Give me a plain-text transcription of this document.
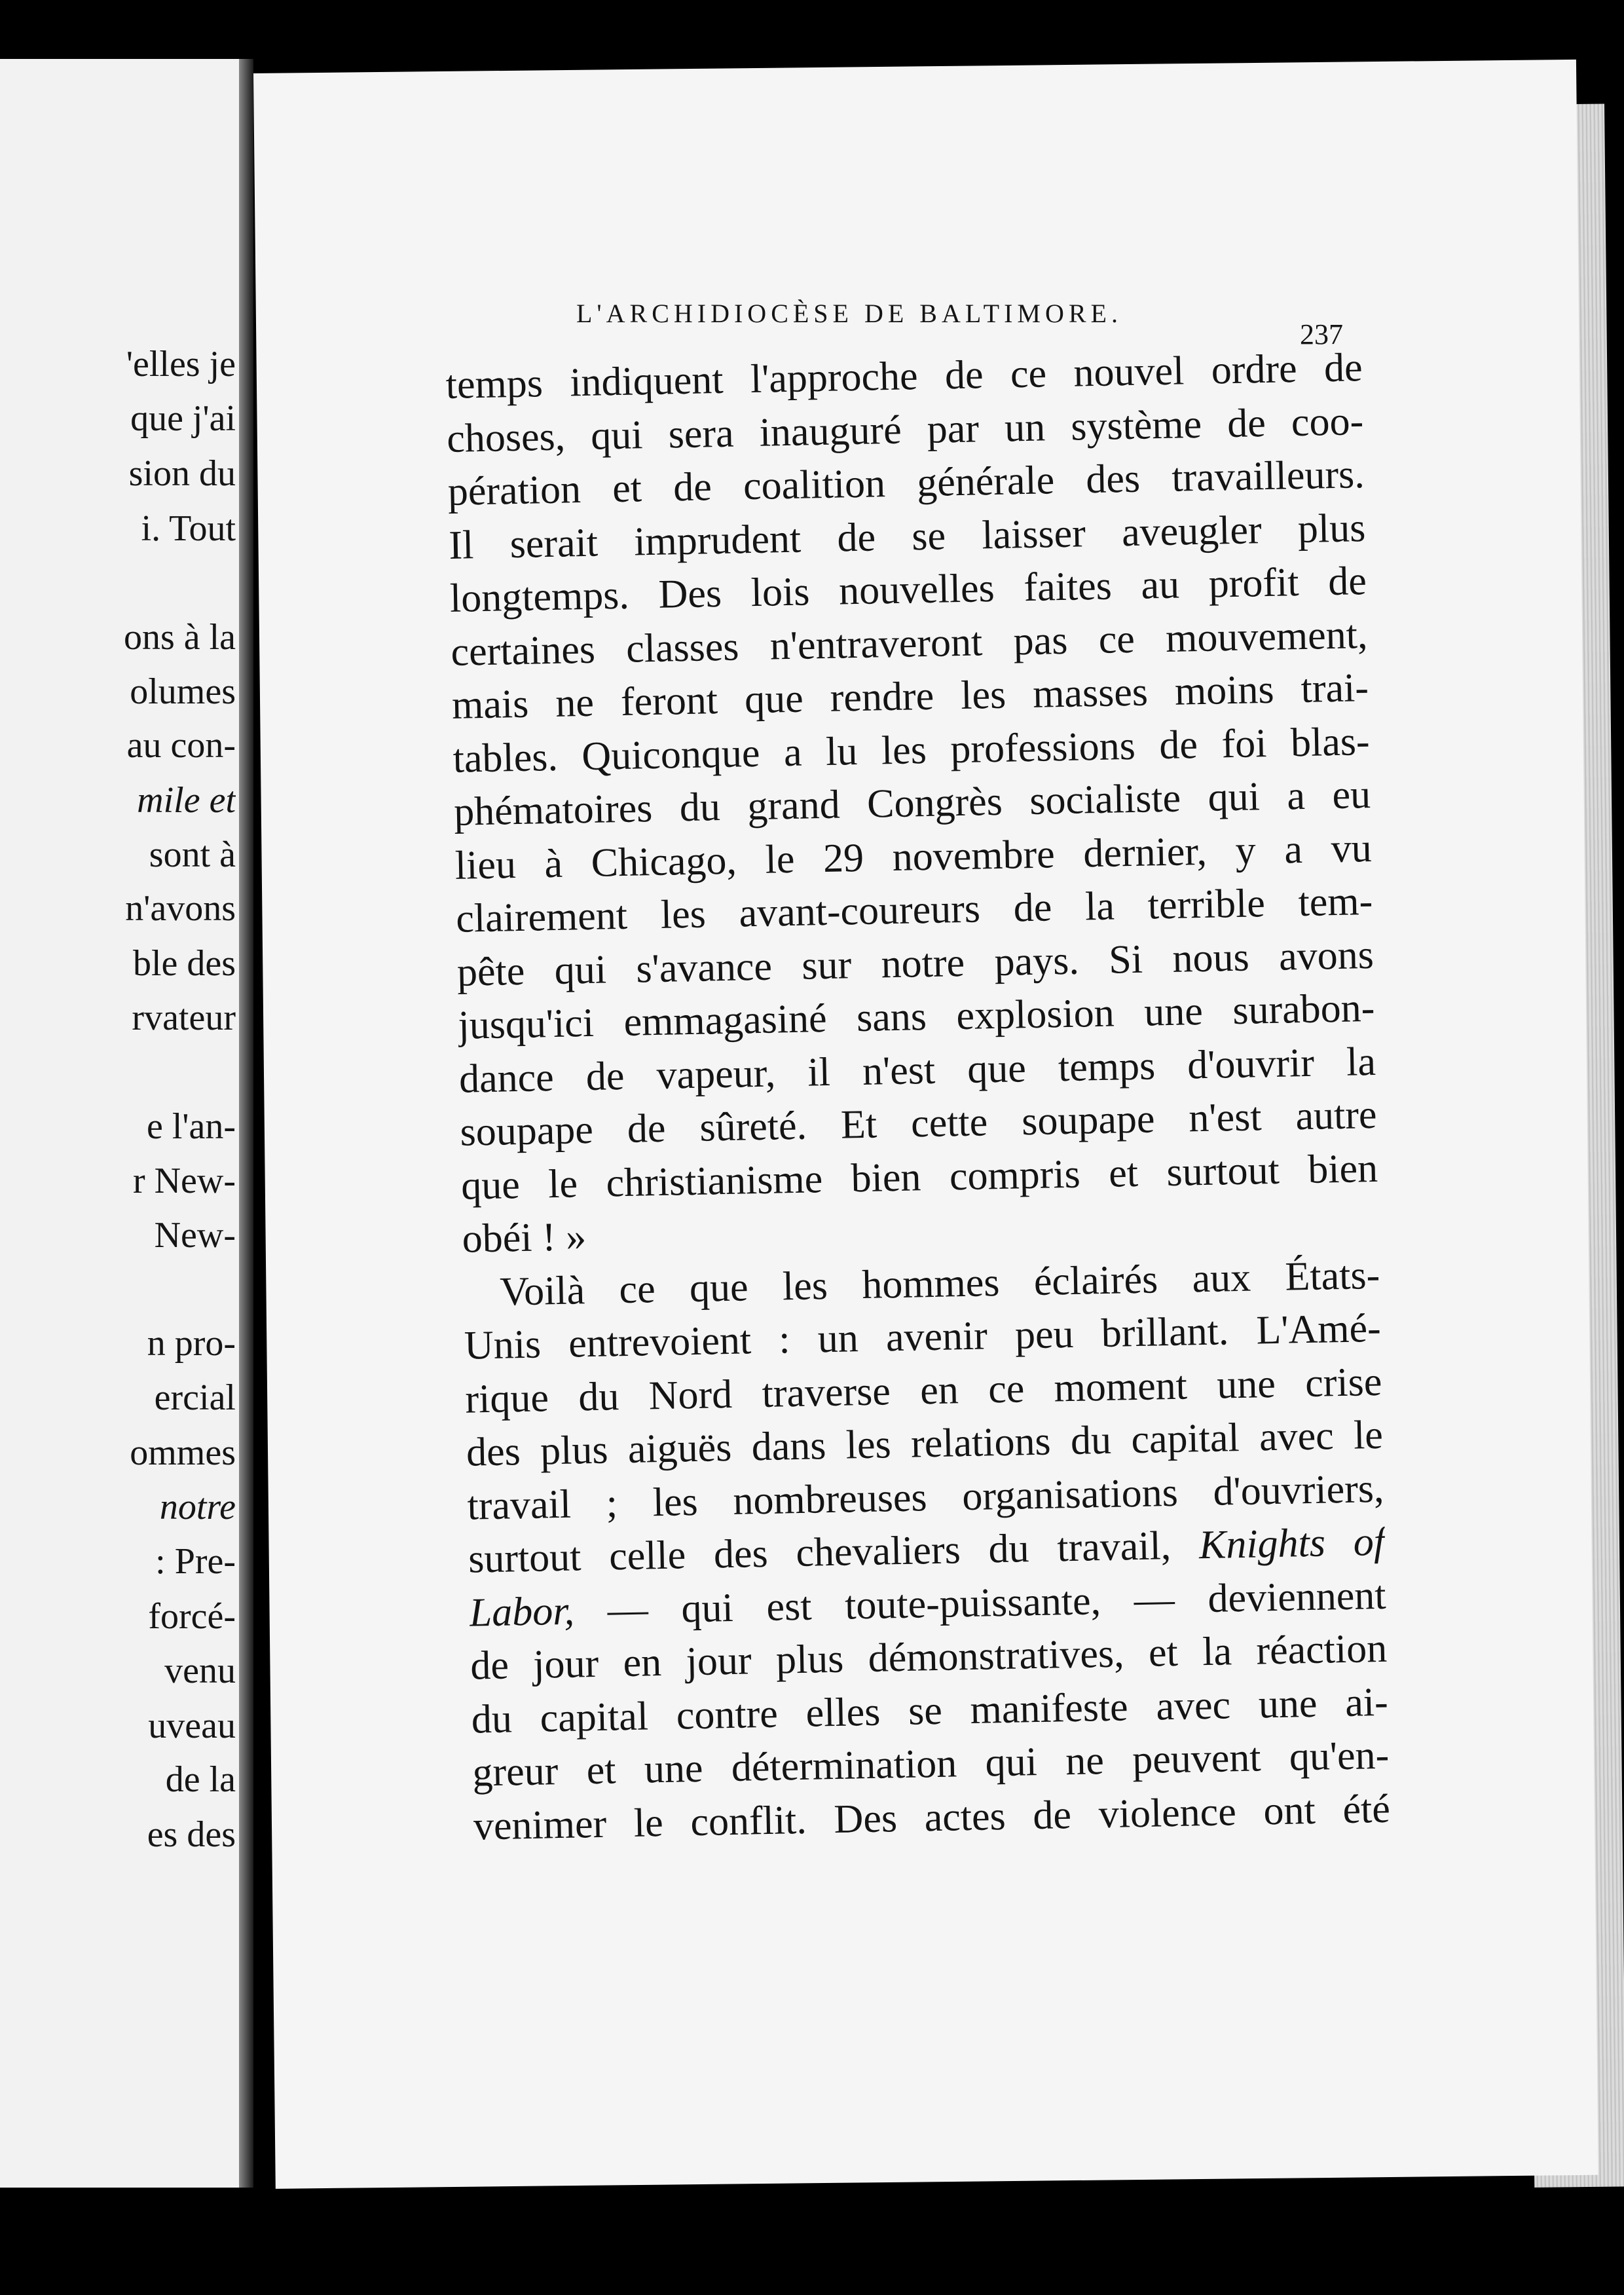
'elles je
que j'ai
sion du
i. Tout
ons à la
olumes
au con-
mile et
sont à
n'avons
ble des
rvateur
e l'an-
r New-
New-
n pro-
ercial
ommes
notre
: Pre-
forcé-
venu
uveau
de la
es des
L'ARCHIDIOCÈSE DE BALTIMORE.
237
temps indiquent l'approche de ce nouvel ordre de
choses, qui sera inauguré par un système de coo-
pération et de coalition générale des travailleurs.
Il serait imprudent de se laisser aveugler plus
longtemps. Des lois nouvelles faites au profit de
certaines classes n'entraveront pas ce mouvement,
mais ne feront que rendre les masses moins trai-
tables. Quiconque a lu les professions de foi blas-
phématoires du grand Congrès socialiste qui a eu
lieu à Chicago, le 29 novembre dernier, y a vu
clairement les avant-coureurs de la terrible tem-
pête qui s'avance sur notre pays. Si nous avons
jusqu'ici emmagasiné sans explosion une surabon-
dance de vapeur, il n'est que temps d'ouvrir la
soupape de sûreté. Et cette soupape n'est autre
que le christianisme bien compris et surtout bien
obéi ! »
Voilà ce que les hommes éclairés aux États-
Unis entrevoient : un avenir peu brillant. L'Amé-
rique du Nord traverse en ce moment une crise
des plus aiguës dans les relations du capital avec le
travail ; les nombreuses organisations d'ouvriers,
surtout celle des chevaliers du travail, Knights of
Labor, — qui est toute-puissante, — deviennent
de jour en jour plus démonstratives, et la réaction
du capital contre elles se manifeste avec une ai-
greur et une détermination qui ne peuvent qu'en-
venimer le conflit. Des actes de violence ont été
